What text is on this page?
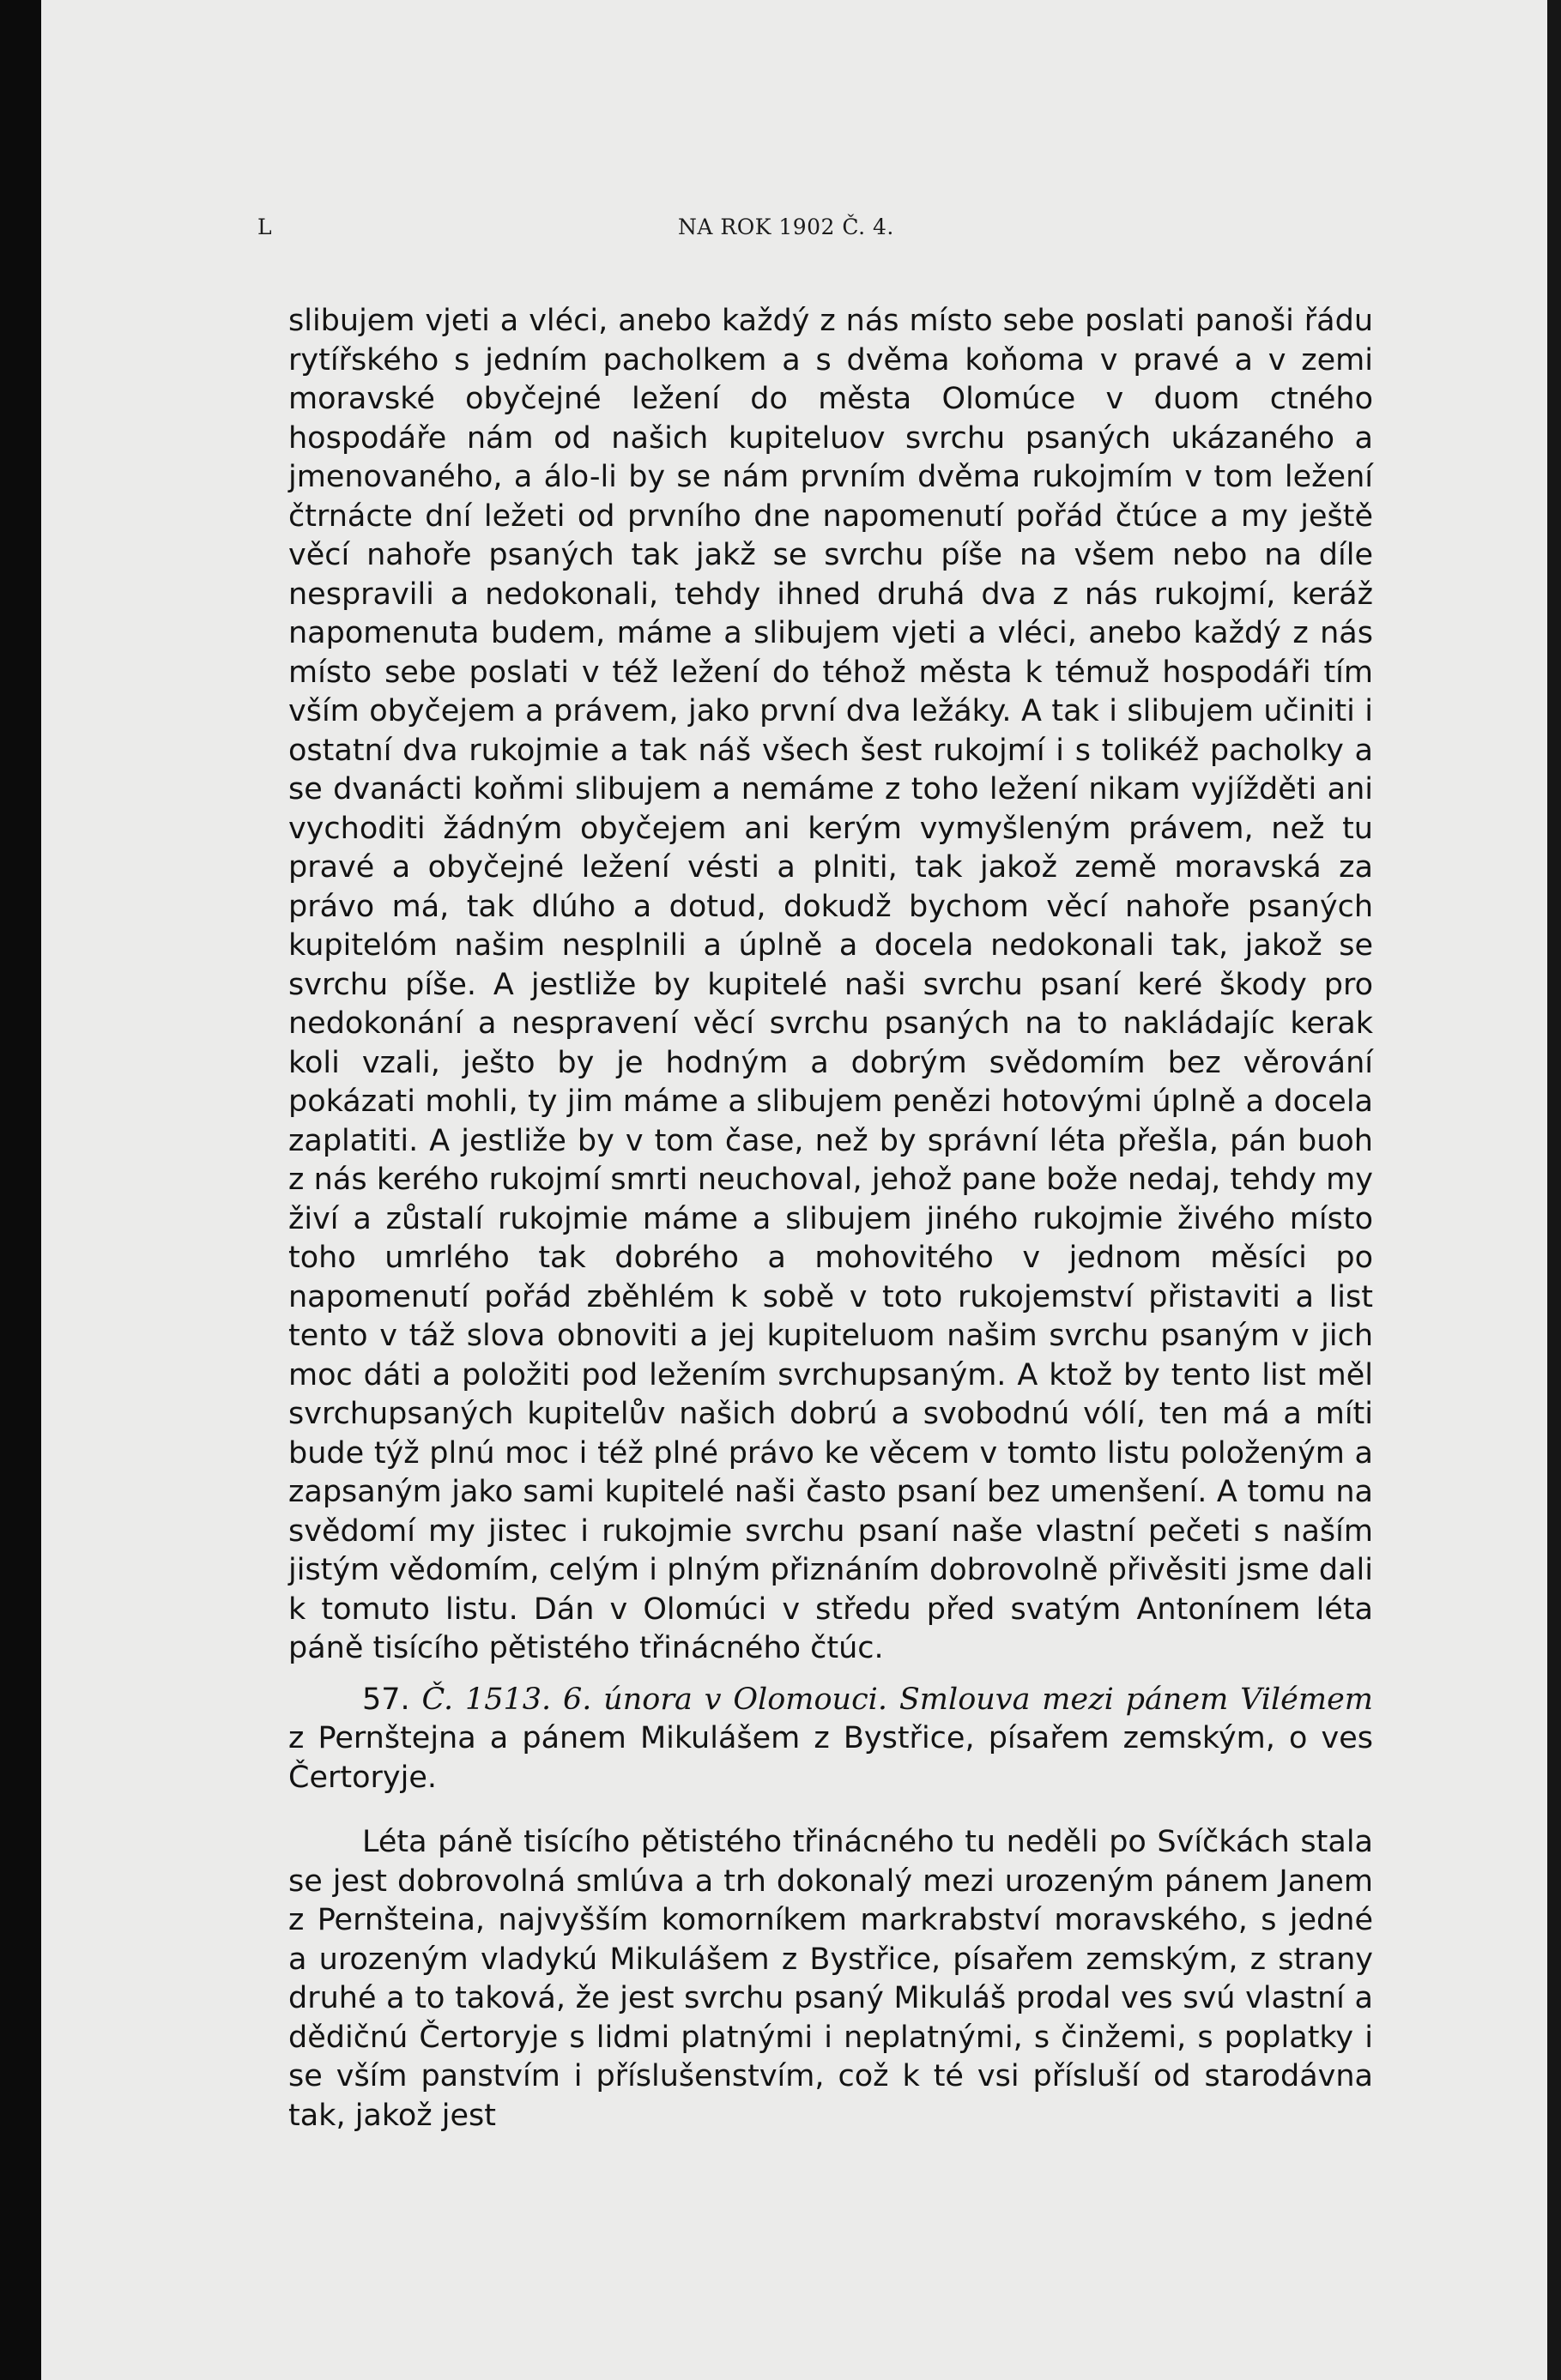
L	NA ROK 1902 Č. 4.

slibujem vjeti a vléci, anebo každý z nás místo sebe poslati panoši řádu rytířského s jedním pacholkem a s dvěma koňoma v pravé a v zemi moravské obyčejné ležení do města Olomúce v duom ctného hospodáře nám od našich kupiteluov svrchu psaných ukázaného a jmenovaného, a álo-li by se nám prvním dvěma rukojmím v tom ležení čtrnácte dní ležeti od prvního dne napomenutí pořád čtúce a my ještě věcí nahoře psaných tak jakž se svrchu píše na všem nebo na díle nespravili a nedokonali, tehdy ihned druhá dva z nás rukojmí, keráž napomenuta budem, máme a slibujem vjeti a vléci, anebo každý z nás místo sebe poslati v též ležení do téhož města k témuž hospodáři tím vším obyčejem a právem, jako první dva ležáky. A tak i slibujem učiniti i ostatní dva rukojmie a tak náš všech šest rukojmí i s tolikéž pacholky a se dvanácti koňmi slibujem a nemáme z toho ležení nikam vyjížděti ani vychoditi žádným obyčejem ani kerým vymyšleným právem, než tu pravé a obyčejné ležení vésti a plniti, tak jakož země moravská za právo má, tak dlúho a dotud, dokudž bychom věcí nahoře psaných kupitelóm našim nesplnili a úplně a docela nedokonali tak, jakož se svrchu píše. A jestliže by kupitelé naši svrchu psaní keré škody pro nedokonání a nespravení věcí svrchu psaných na to nakládajíc kerak koli vzali, ješto by je hodným a dobrým svědomím bez věrování pokázati mohli, ty jim máme a slibujem penězi hotovými úplně a docela zaplatiti. A jestliže by v tom čase, než by správní léta přešla, pán buoh z nás keréhо rukojmí smrti neuchoval, jehož pane bože nedaj, tehdy my živí a zůstalí rukojmie máme a slibujem jiného rukojmie živého místo toho umrlého tak dobrého a mohovitého v jednom měsíci po napomenutí pořád zběhlém k sobě v toto rukojemství přistaviti a list tento v táž slova obnoviti a jej kupiteluom našim svrchu psaným v jich moc dáti a položiti pod ležením svrchupsaným. A ktož by tento list měl svrchupsaných kupitelův našich dobrú a svobodnú vólí, ten má a míti bude týž plnú moc i též plné právo ke věcem v tomto listu položeným a zapsaným jako sami kupitelé naši často psaní bez umenšení. A tomu na svědomí my jistec i rukojmie svrchu psaní naše vlastní pečeti s naším jistým vědomím, celým i plným přiznáním dobrovolně přivěsiti jsme dali k tomuto listu. Dán v Olomúci v středu před svatým Antonínem léta páně tisícího pětistého třinácného čtúc.

57. Č. 1513. 6. února v Olomouci. Smlouva mezi pánem Vilémem z Pernštejna a pánem Mikulášem z Bystřice, písařem zemským, o ves Čertoryje.

Léta páně tisícího pětistého třinácného tu neděli po Svíčkách stala se jest dobrovolná smlúva a trh dokonalý mezi urozeným pánem Janem z Pernšteina, najvyšším komorníkem markrabství moravského, s jedné a urozeným vladykú Mikulášem z Bystřice, písařem zemským, z strany druhé a to taková, že jest svrchu psaný Mikuláš prodal ves svú vlastní a dědičnú Čertoryje s lidmi platnými i neplatnými, s činžemi, s poplatky i se vším panstvím i příslušenstvím, což k té vsi přísluší od starodávna tak, jakož jest
